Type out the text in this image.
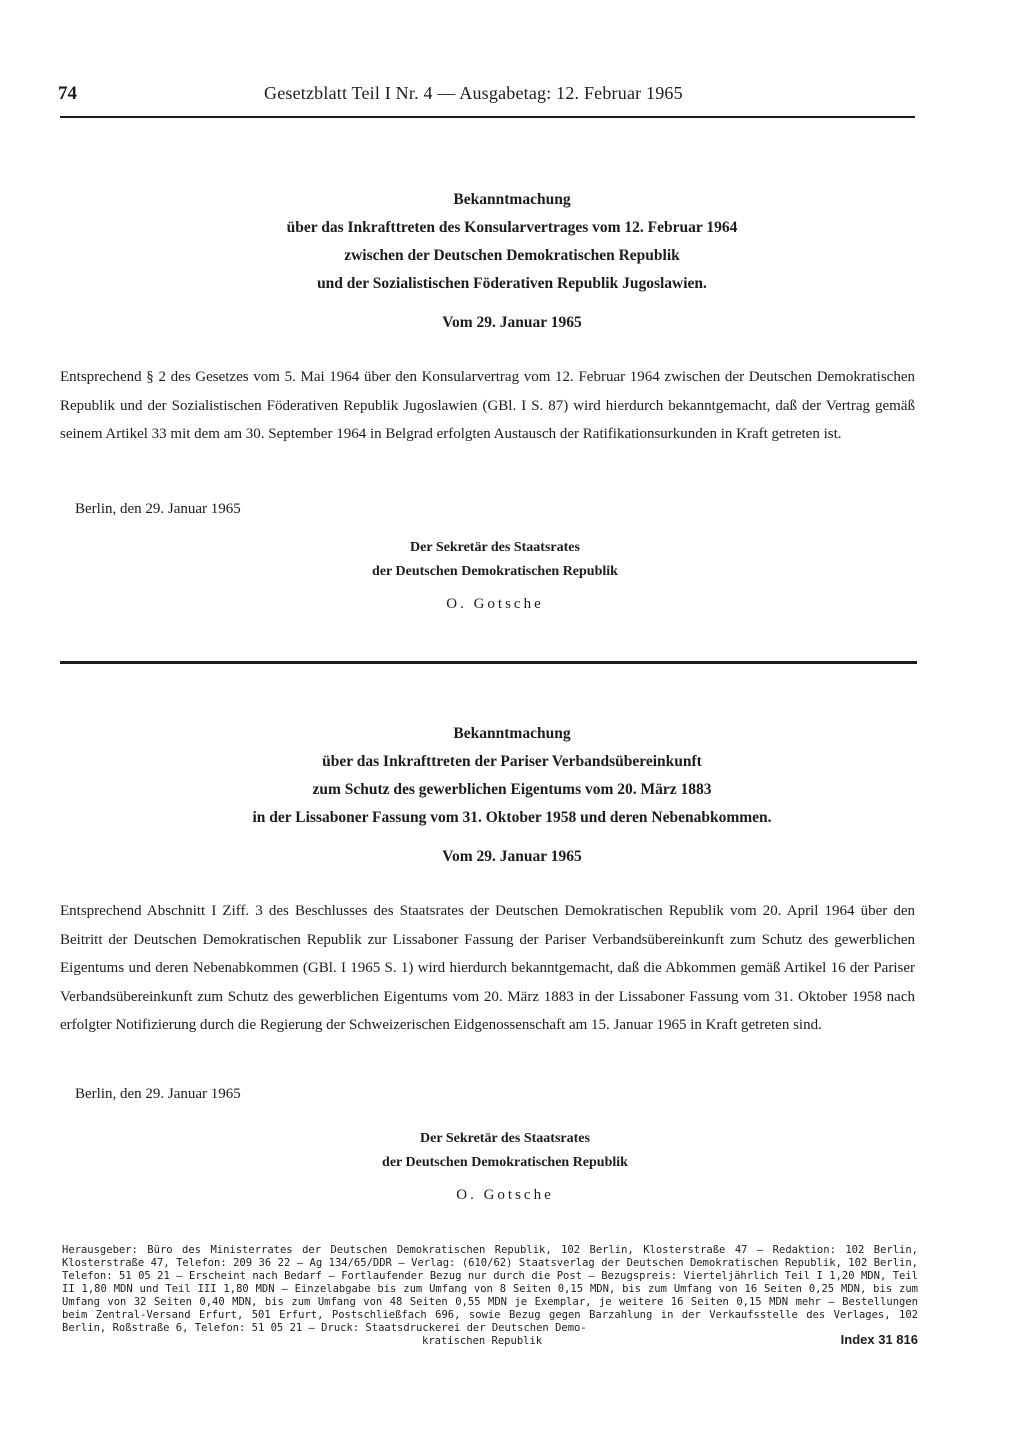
74	Gesetzblatt Teil I Nr. 4 — Ausgabetag: 12. Februar 1965
Bekanntmachung
über das Inkrafttreten des Konsularvertrages vom 12. Februar 1964
zwischen der Deutschen Demokratischen Republik
und der Sozialistischen Föderativen Republik Jugoslawien.
Vom 29. Januar 1965
Entsprechend § 2 des Gesetzes vom 5. Mai 1964 über den Konsularvertrag vom 12. Februar 1964 zwischen der Deutschen Demokratischen Republik und der Sozialistischen Föderativen Republik Jugoslawien (GBl. I S. 87) wird hierdurch bekanntgemacht, daß der Vertrag gemäß seinem Artikel 33 mit dem am 30. September 1964 in Belgrad erfolgten Austausch der Ratifikationsurkunden in Kraft getreten ist.
Berlin, den 29. Januar 1965
Der Sekretär des Staatsrates
der Deutschen Demokratischen Republik
O. Gotsche
Bekanntmachung
über das Inkrafttreten der Pariser Verbandsübereinkunft
zum Schutz des gewerblichen Eigentums vom 20. März 1883
in der Lissaboner Fassung vom 31. Oktober 1958 und deren Nebenabkommen.
Vom 29. Januar 1965
Entsprechend Abschnitt I Ziff. 3 des Beschlusses des Staatsrates der Deutschen Demokratischen Republik vom 20. April 1964 über den Beitritt der Deutschen Demokratischen Republik zur Lissaboner Fassung der Pariser Verbandsübereinkunft zum Schutz des gewerblichen Eigentums und deren Nebenabkommen (GBl. I 1965 S. 1) wird hierdurch bekanntgemacht, daß die Abkommen gemäß Artikel 16 der Pariser Verbandsübereinkunft zum Schutz des gewerblichen Eigentums vom 20. März 1883 in der Lissaboner Fassung vom 31. Oktober 1958 nach erfolgter Notifizierung durch die Regierung der Schweizerischen Eidgenossenschaft am 15. Januar 1965 in Kraft getreten sind.
Berlin, den 29. Januar 1965
Der Sekretär des Staatsrates
der Deutschen Demokratischen Republik
O. Gotsche
Herausgeber: Büro des Ministerrates der Deutschen Demokratischen Republik, 102 Berlin, Klosterstraße 47 — Redaktion: 102 Berlin, Klosterstraße 47, Telefon: 209 36 22 — Ag 134/65/DDR — Verlag: (610/62) Staatsverlag der Deutschen Demokratischen Republik, 102 Berlin, Telefon: 51 05 21 — Erscheint nach Bedarf — Fortlaufender Bezug nur durch die Post — Bezugspreis: Vierteljährlich Teil I 1,20 MDN, Teil II 1,80 MDN und Teil III 1,80 MDN — Einzelabgabe bis zum Umfang von 8 Seiten 0,15 MDN, bis zum Umfang von 16 Seiten 0,25 MDN, bis zum Umfang von 32 Seiten 0,40 MDN, bis zum Umfang von 48 Seiten 0,55 MDN je Exemplar, je weitere 16 Seiten 0,15 MDN mehr — Bestellungen beim Zentral-Versand Erfurt, 501 Erfurt, Postschließfach 696, sowie Bezug gegen Barzahlung in der Verkaufsstelle des Verlages, 102 Berlin, Roßstraße 6, Telefon: 51 05 21 — Druck: Staatsdruckerei der Deutschen Demo-
kratischen Republik	Index 31 816
